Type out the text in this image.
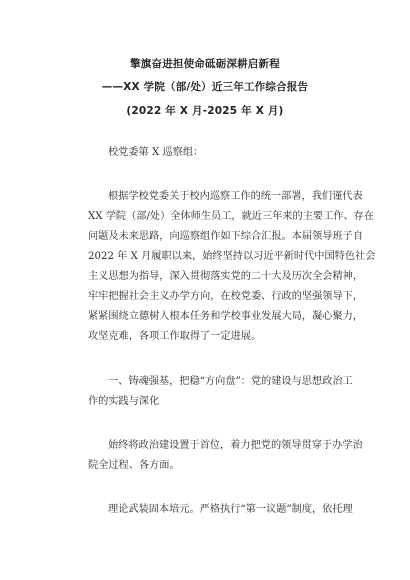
擎旗奋进担使命砥砺深耕启新程
——XX 学院（部/处）近三年工作综合报告
(2022 年 X 月-2025 年 X 月)
校党委第 X 巡察组：
根据学校党委关于校内巡察工作的统一部署，我们谨代表
XX 学院（部/处）全体师生员工，就近三年来的主要工作、存在
问题及未来思路，向巡察组作如下综合汇报。本届领导班子自
2022 年 X 月履职以来，始终坚持以习近平新时代中国特色社会
主义思想为指导，深入贯彻落实党的二十大及历次全会精神，
牢牢把握社会主义办学方向，在校党委、行政的坚强领导下，
紧紧围绕立德树人根本任务和学校事业发展大局，凝心聚力，
攻坚克难，各项工作取得了一定进展。
一、铸魂强基，把稳“方向盘”：党的建设与思想政治工
作的实践与深化
始终将政治建设置于首位，着力把党的领导贯穿于办学治
院全过程、各方面。
理论武装固本培元。严格执行“第一议题”制度，依托理
